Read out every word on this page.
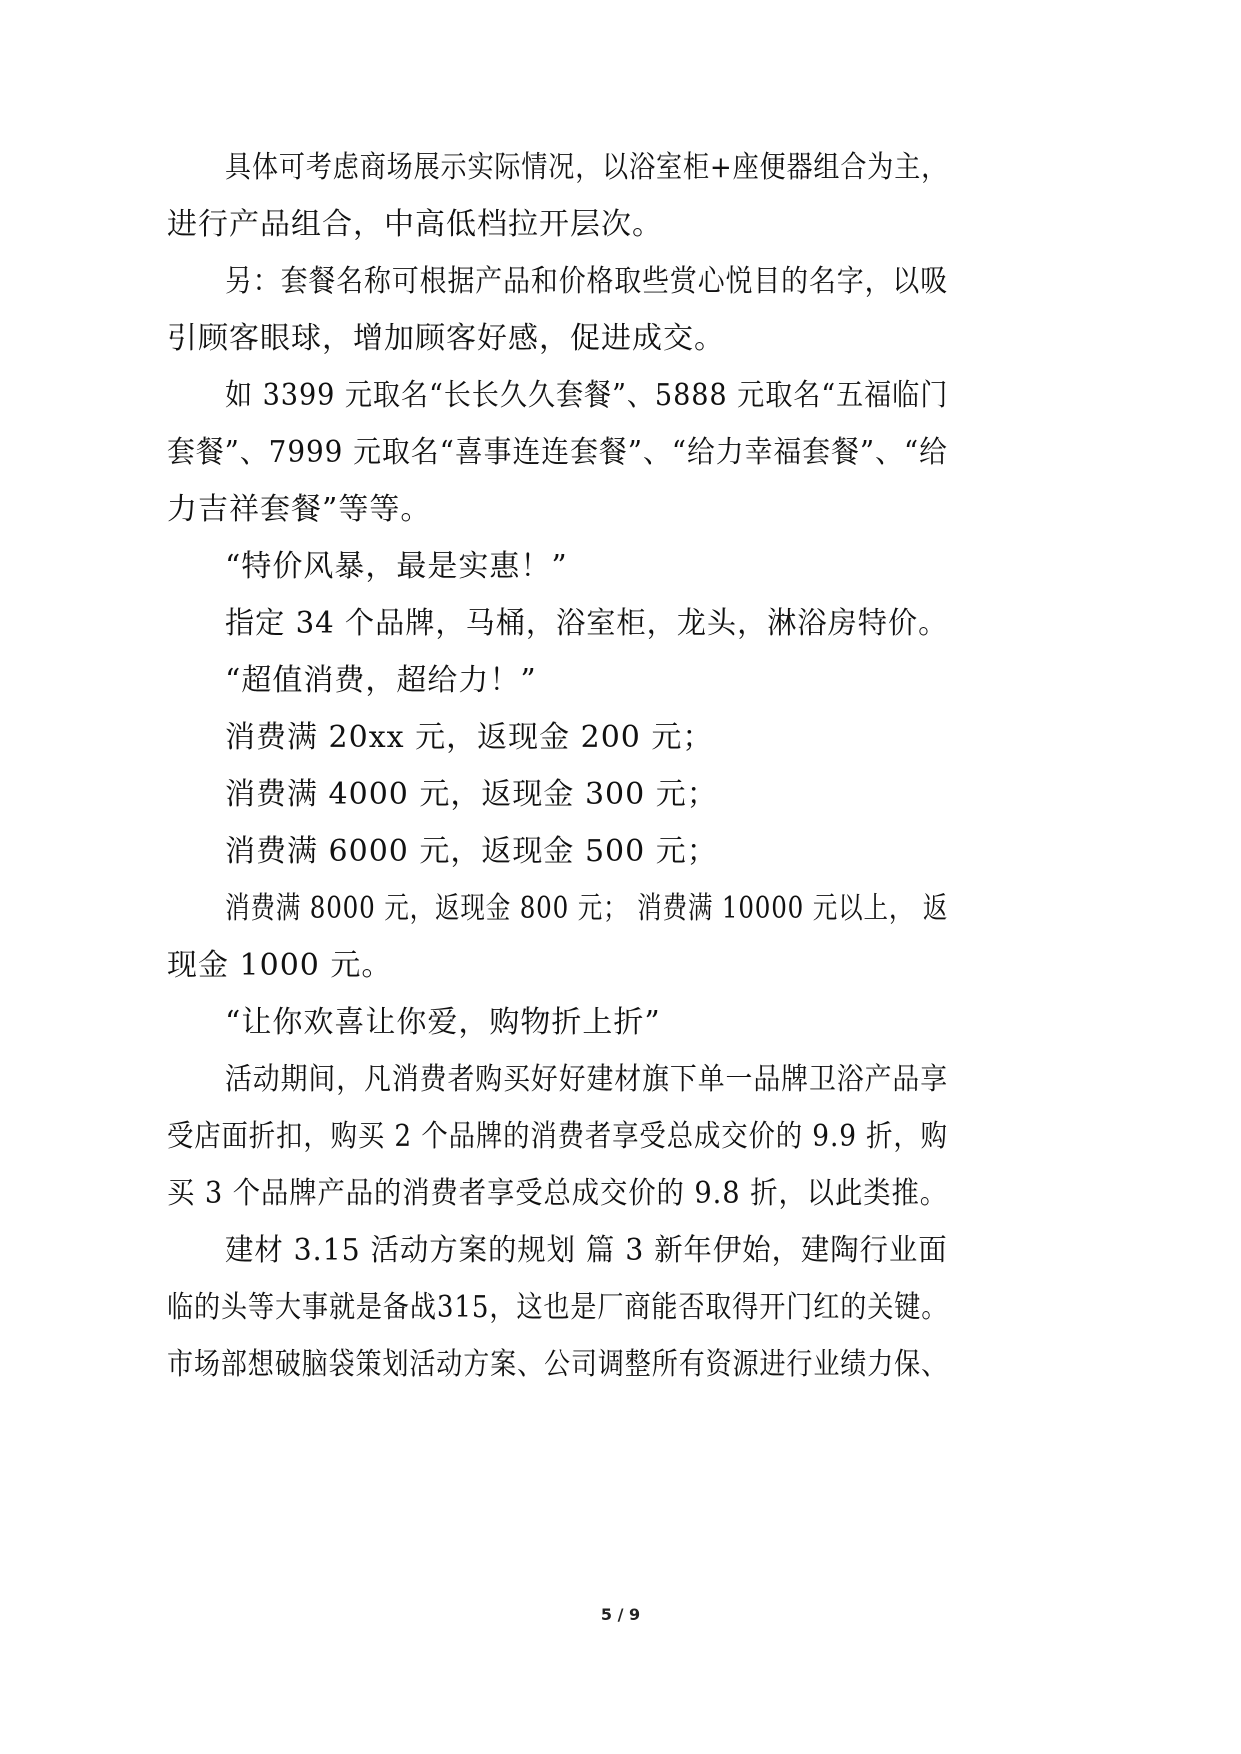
具体可考虑商场展示实际情况，以浴室柜+座便器组合为主，
进行产品组合，中高低档拉开层次。
另：套餐名称可根据产品和价格取些赏心悦目的名字，以吸
引顾客眼球，增加顾客好感，促进成交。
如 3399 元取名“长长久久套餐”、5888 元取名“五福临门
套餐”、7999 元取名“喜事连连套餐”、“给力幸福套餐”、“给
力吉祥套餐”等等。
“特价风暴，最是实惠！”
指定 34 个品牌，马桶，浴室柜，龙头，淋浴房特价。
“超值消费，超给力！”
消费满 20xx 元，返现金 200 元；
消费满 4000 元，返现金 300 元；
消费满 6000 元，返现金 500 元；
消费满 8000 元，返现金 800 元； 消费满 10000 元以上， 返
现金 1000 元。
“让你欢喜让你爱，购物折上折”
活动期间，凡消费者购买好好建材旗下单一品牌卫浴产品享
受店面折扣，购买 2 个品牌的消费者享受总成交价的 9.9 折，购
买 3 个品牌产品的消费者享受总成交价的 9.8 折，以此类推。
建材 3.15 活动方案的规划 篇 3 新年伊始，建陶行业面
临的头等大事就是备战315，这也是厂商能否取得开门红的关键。
市场部想破脑袋策划活动方案、公司调整所有资源进行业绩力保、
5 / 9
